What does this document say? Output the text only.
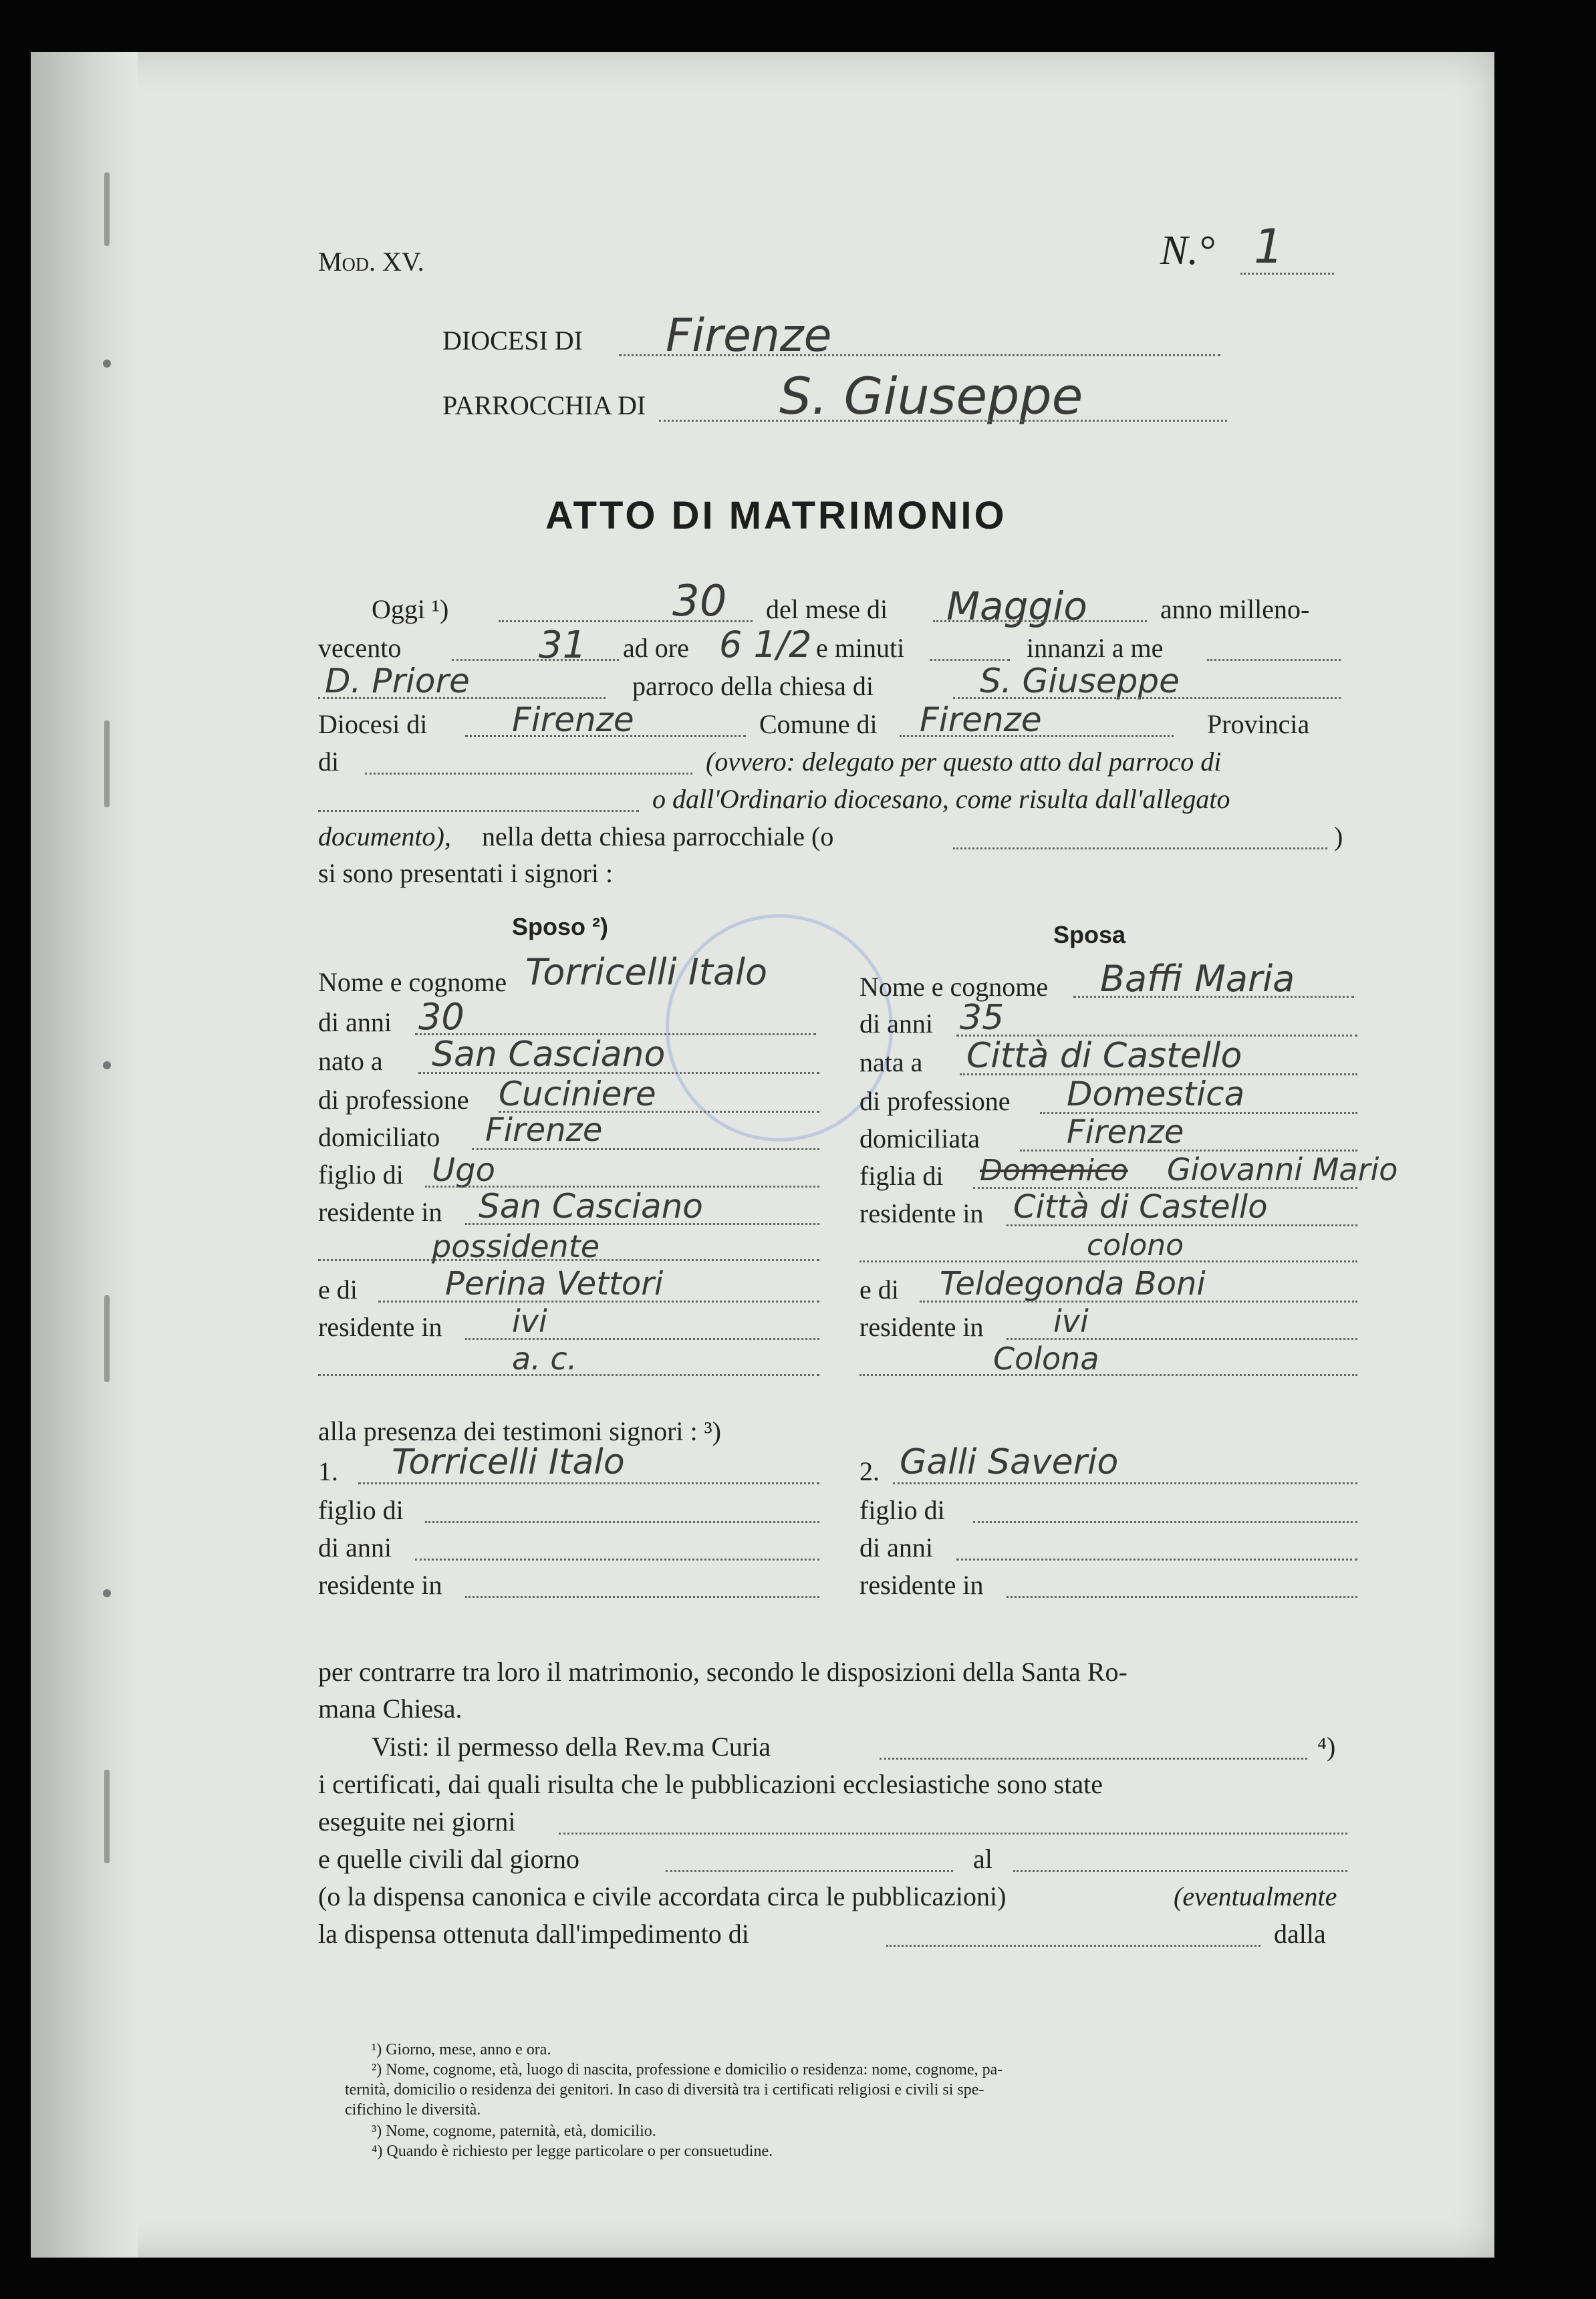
Mod. XV.	N.° 1
DIOCESI DI Firenze
PARROCCHIA DI	S. Giuseppe
ATTO DI MATRIMONIO
Oggi ¹)	30 del mese di Maggio	anno milleno-
vecento	31 ad ore 6 1/2 e minuti	innanzi a me
D. Priore	parroco della chiesa di	S. Giuseppe
Diocesi di	Firenze	Comune di Firenze	Provincia
di	(ovvero: delegato per questo atto dal parroco di
o dall'Ordinario diocesano, come risulta dall'allegato
documento), nella detta chiesa parrocchiale (o	)
si sono presentati i signori :
Sposo ²)
Nome e cognome Torricelli Italo
di anni 30
nato a San Casciano
di professione Cuciniere
domiciliato Firenze
figlio di Ugo
residente in San Casciano
possidente
e di	Perina Vettori
residente in ivi
a. c.
Sposa
Nome e cognome Baffi Maria
di anni 35
nata a Città di Castello
di professione Domestica
domiciliata	Firenze
figlia di Domenico Giovanni Mario
residente in Città di Castello
colono
e di Teldegonda Boni
residente in ivi
Colona
alla presenza dei testimoni signori : ³)
1. Torricelli Italo	2. Galli Saverio
figlio di	figlio di
di anni	di anni
residente in	residente in
per contrarre tra loro il matrimonio, secondo le disposizioni della Santa Ro-
mana Chiesa.
Visti: il permesso della Rev.ma Curia	⁴)
i certificati, dai quali risulta che le pubblicazioni ecclesiastiche sono state
eseguite nei giorni
e quelle civili dal giorno	al
(o la dispensa canonica e civile accordata circa le pubblicazioni)	(eventualmente
la dispensa ottenuta dall'impedimento di	dalla
¹) Giorno, mese, anno e ora.
²) Nome, cognome, età, luogo di nascita, professione e domicilio o residenza: nome, cognome, pa-
ternità, domicilio o residenza dei genitori. In caso di diversità tra i certificati religiosi e civili si spe-
cifichino le diversità.
³) Nome, cognome, paternità, età, domicilio.
⁴) Quando è richiesto per legge particolare o per consuetudine.
